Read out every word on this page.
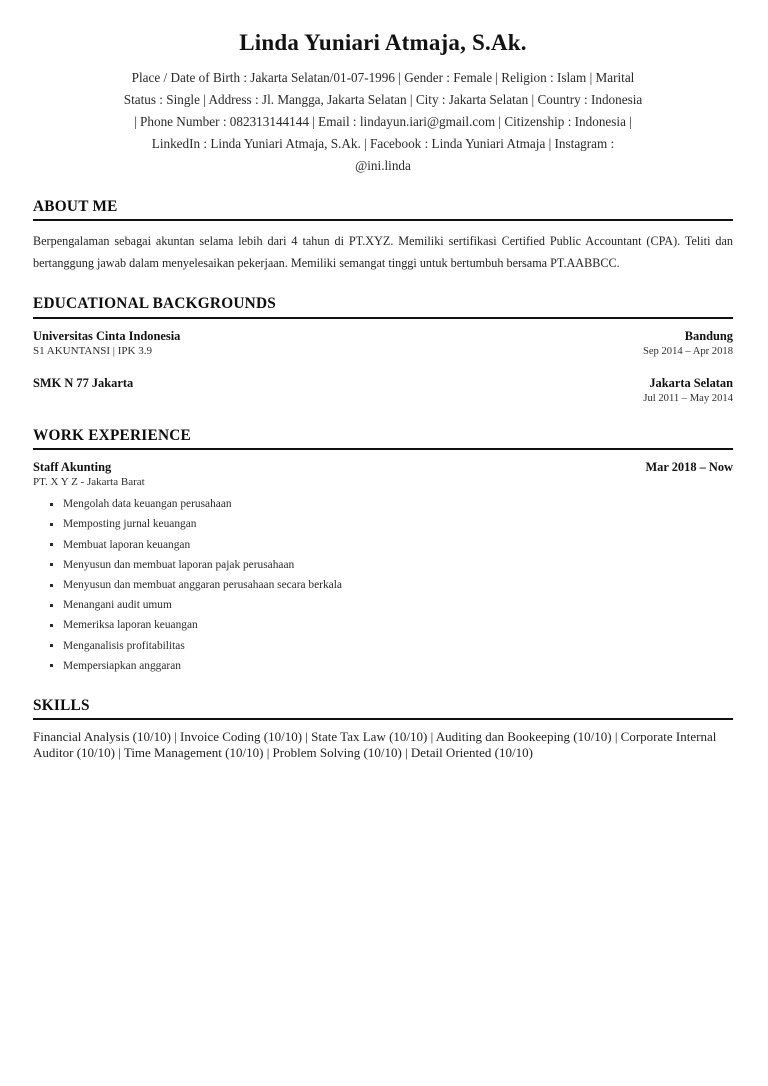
Linda Yuniari Atmaja, S.Ak.
Place / Date of Birth : Jakarta Selatan/01-07-1996 | Gender : Female | Religion : Islam | Marital
Status : Single | Address : Jl. Mangga, Jakarta Selatan | City : Jakarta Selatan | Country : Indonesia
| Phone Number : 082313144144 | Email : lindayun.iari@gmail.com | Citizenship : Indonesia |
LinkedIn : Linda Yuniari Atmaja, S.Ak. | Facebook : Linda Yuniari Atmaja | Instagram :
@ini.linda
ABOUT ME

Berpengalaman sebagai akuntan selama lebih dari 4 tahun di PT.XYZ. Memiliki sertifikasi Certified Public Accountant (CPA). Teliti dan bertanggung jawab dalam menyelesaikan pekerjaan. Memiliki semangat tinggi untuk bertumbuh bersama PT.AABBCC.

EDUCATIONAL BACKGROUNDS
Universitas Cinta Indonesia
S1 AKUNTANSI | IPK 3.9
Bandung
Sep 2014 – Apr 2018
SMK N 77 Jakarta	Jakarta Selatan
Jul 2011 – May 2014
WORK EXPERIENCE
Staff Akunting
PT. X Y Z - Jakarta Barat
Mar 2018 – Now
Mengolah data keuangan perusahaan
Memposting jurnal keuangan
Membuat laporan keuangan
Menyusun dan membuat laporan pajak perusahaan
Menyusun dan membuat anggaran perusahaan secara berkala
Menangani audit umum
Memeriksa laporan keuangan
Menganalisis profitabilitas
Mempersiapkan anggaran
SKILLS

Financial Analysis (10/10) | Invoice Coding (10/10) | State Tax Law (10/10) | Auditing dan Bookeeping (10/10) | Corporate Internal Auditor (10/10) | Time Management (10/10) | Problem Solving (10/10) | Detail Oriented (10/10)
